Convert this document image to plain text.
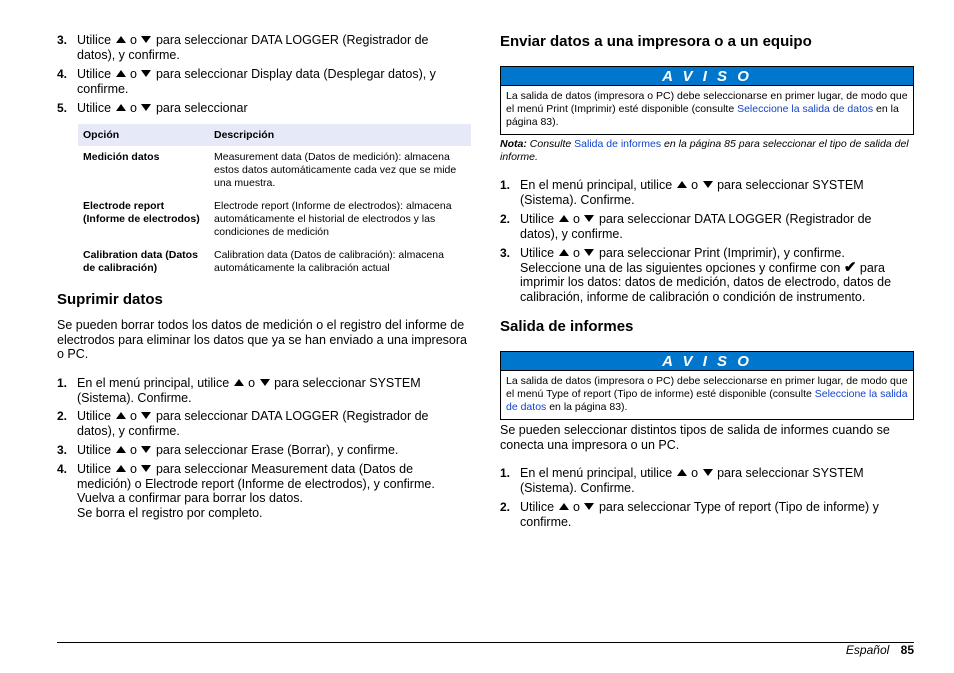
3. Utilice o para seleccionar DATA LOGGER (Registrador de datos), y confirme.
4. Utilice o para seleccionar Display data (Desplegar datos), y confirme.
5. Utilice o para seleccionar
Opción	Descripción
Medición datos	Measurement data (Datos de medición): almacena estos datos automáticamente cada vez que se mide una muestra.
Electrode report (Informe de electrodos)	Electrode report (Informe de electrodos): almacena automáticamente el historial de electrodos y las condiciones de medición
Calibration data (Datos de calibración)	Calibration data (Datos de calibración): almacena automáticamente la calibración actual
Suprimir datos
Se pueden borrar todos los datos de medición o el registro del informe de electrodos para eliminar los datos que ya se han enviado a una impresora o PC.
1. En el menú principal, utilice o para seleccionar SYSTEM (Sistema). Confirme.
2. Utilice o para seleccionar DATA LOGGER (Registrador de datos), y confirme.
3. Utilice o para seleccionar Erase (Borrar), y confirme.
4. Utilice o para seleccionar Measurement data (Datos de medición) o Electrode report (Informe de electrodos), y confirme. Vuelva a confirmar para borrar los datos.
Se borra el registro por completo.
Enviar datos a una impresora o a un equipo
A V I S O
La salida de datos (impresora o PC) debe seleccionarse en primer lugar, de modo que el menú Print (Imprimir) esté disponible (consulte Seleccione la salida de datos en la página 83).
Nota: Consulte Salida de informes en la página 85 para seleccionar el tipo de salida del informe.
1. En el menú principal, utilice o para seleccionar SYSTEM (Sistema). Confirme.
2. Utilice o para seleccionar DATA LOGGER (Registrador de datos), y confirme.
3. Utilice o para seleccionar Print (Imprimir), y confirme.
Seleccione una de las siguientes opciones y confirme con ✔ para imprimir los datos: datos de medición, datos de electrodo, datos de calibración, informe de calibración o condición de instrumento.
Salida de informes
A V I S O
La salida de datos (impresora o PC) debe seleccionarse en primer lugar, de modo que el menú Type of report (Tipo de informe) esté disponible (consulte Seleccione la salida de datos en la página 83).
Se pueden seleccionar distintos tipos de salida de informes cuando se conecta una impresora o un PC.
1. En el menú principal, utilice o para seleccionar SYSTEM (Sistema). Confirme.
2. Utilice o para seleccionar Type of report (Tipo de informe) y confirme.
Español 85
